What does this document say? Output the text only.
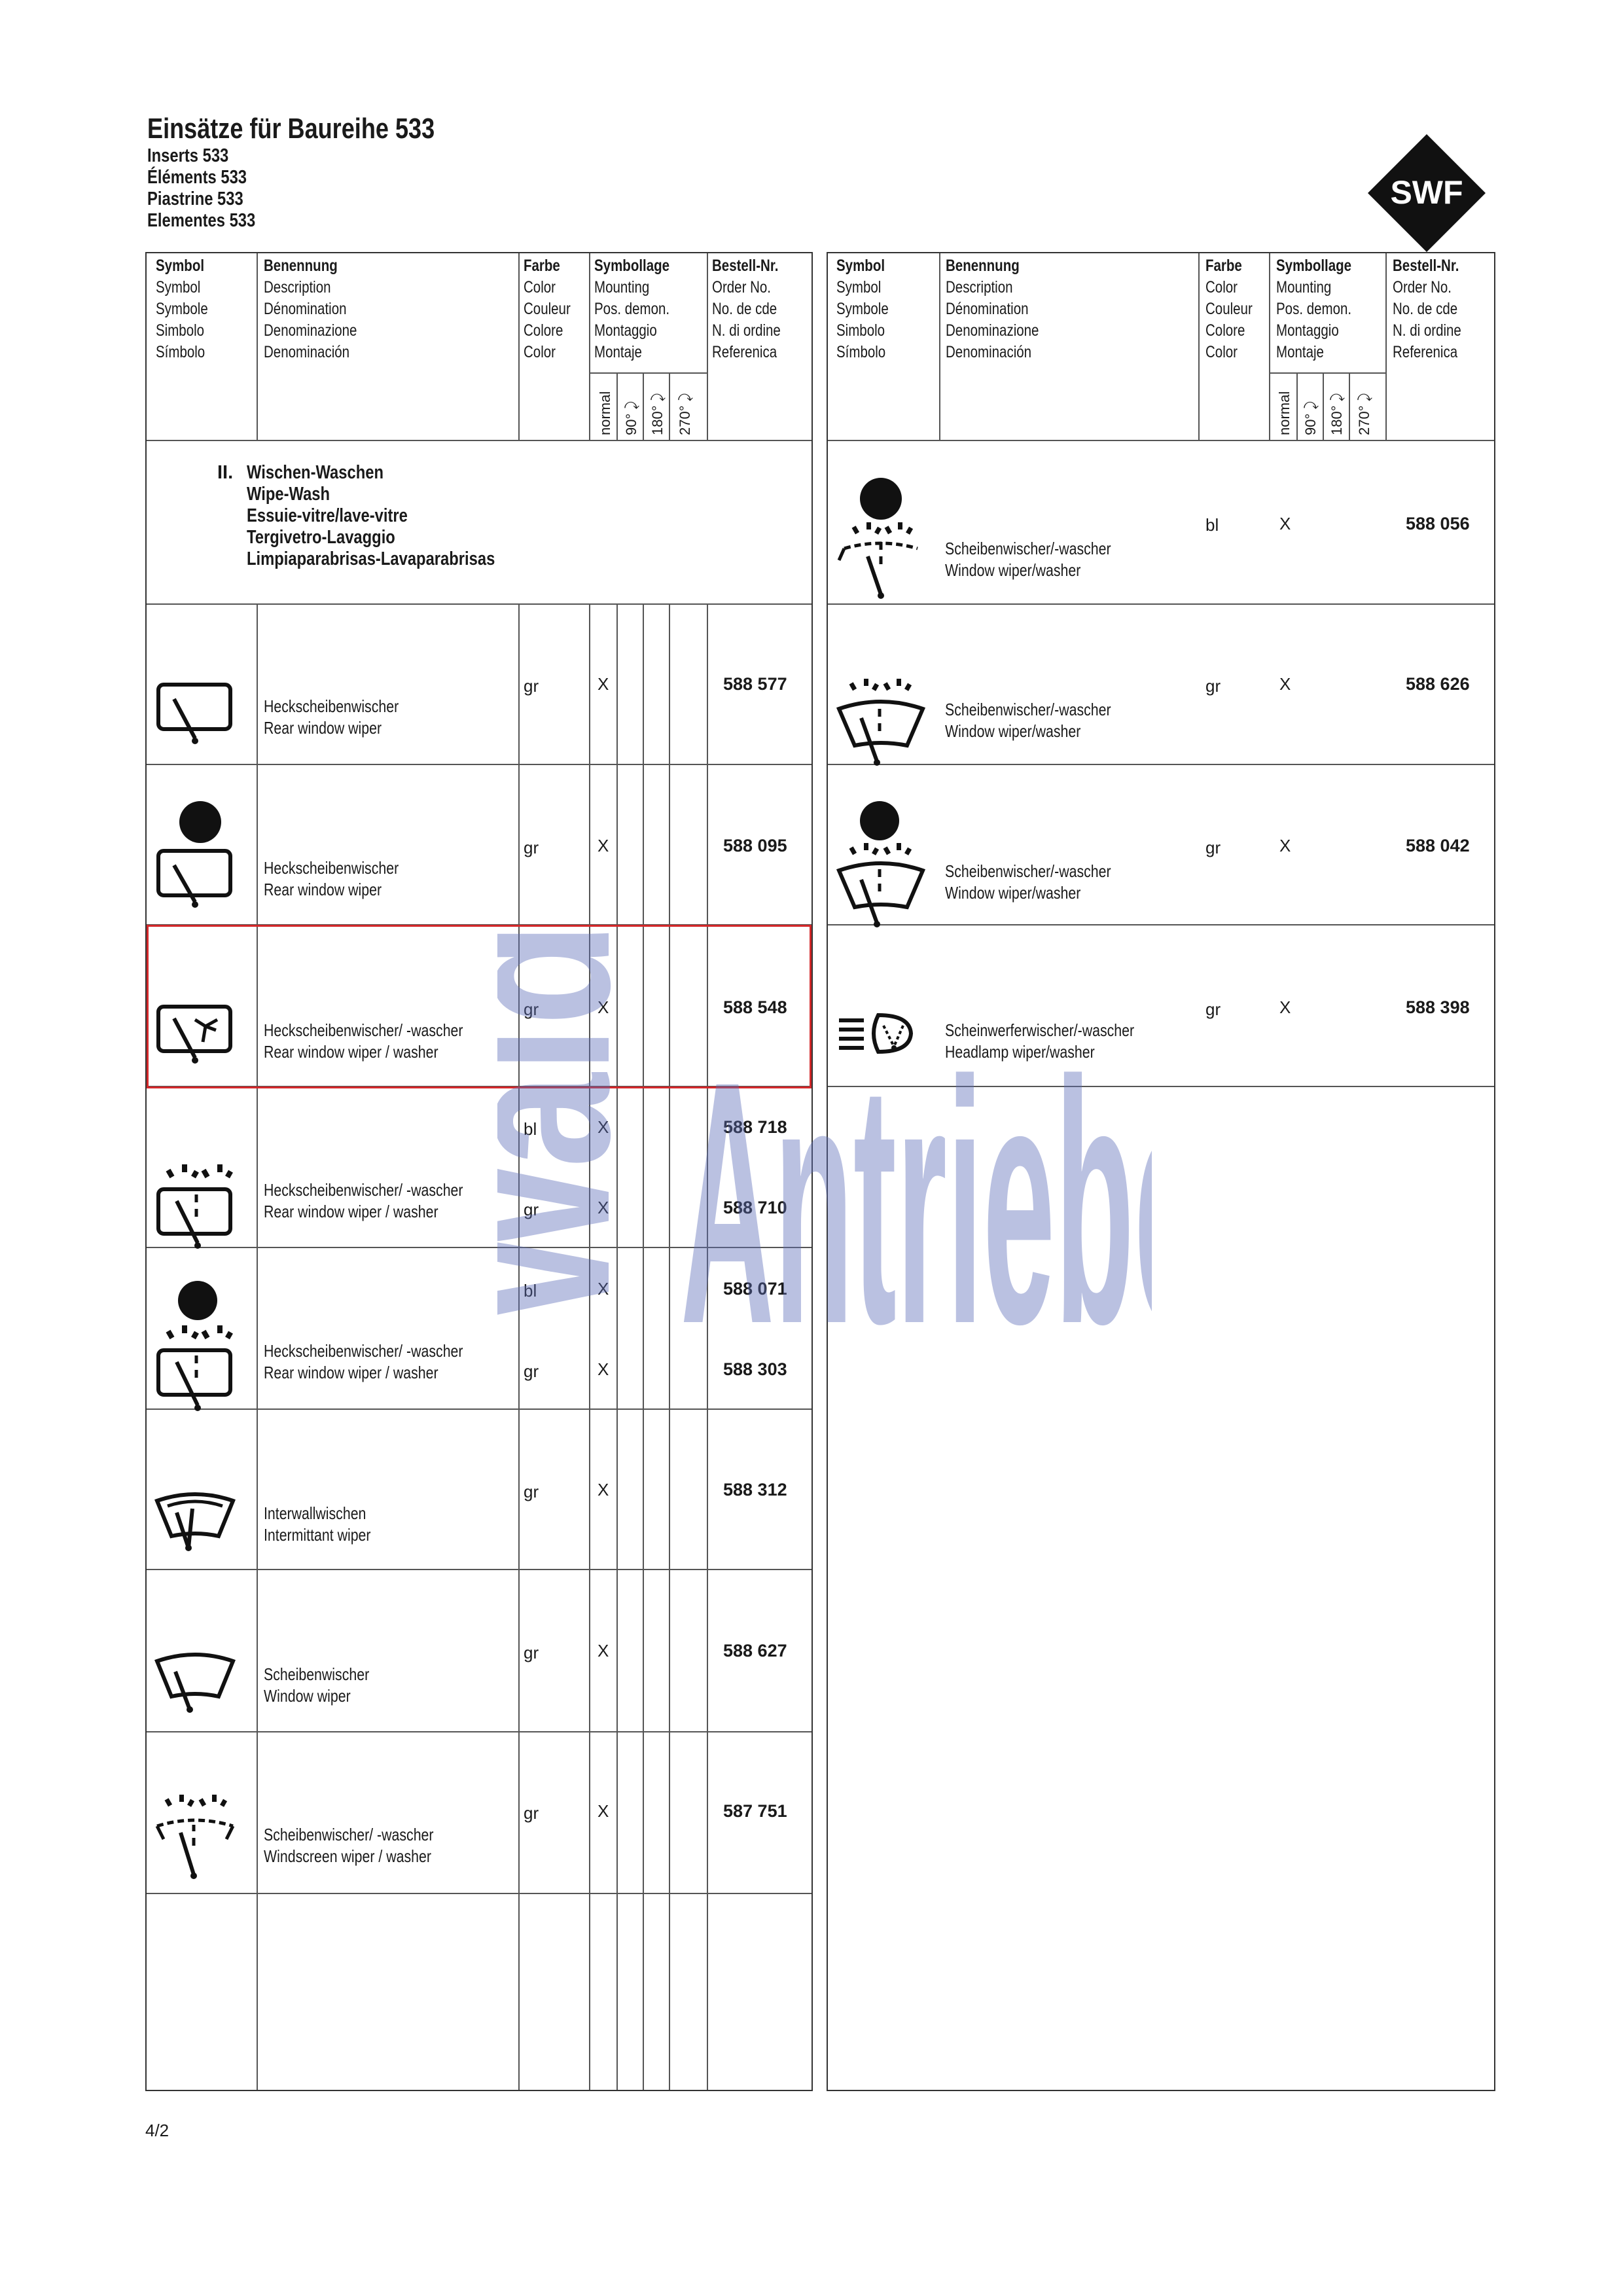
Einsätze für Baureihe 533
Inserts 533
Éléments 533
Piastrine 533
Elementes 533
SWF
Symbol
Symbol
Symbole
Simbolo
Símbolo
Benennung
Description
Dénomination
Denominazione
Denominación
Farbe
Color
Couleur
Colore
Color
Symbollage
Mounting
Pos. demon.
Montaggio
Montaje
Bestell-Nr.
Order No.
No. de cde
N. di ordine
Referenica
normal 90° ⤸ 180° ⤸ 270° ⤸
II. Wischen-Waschen
Wipe-Wash
Essuie-vitre/lave-vitre
Tergivetro-Lavaggio
Limpiaparabrisas-Lavaparabrisas
Symbol
Symbol
Symbole
Simbolo
Símbolo
Benennung
Description
Dénomination
Denominazione
Denominación
Farbe
Color
Couleur
Colore
Color
Symbollage
Mounting
Pos. demon.
Montaggio
Montaje
Bestell-Nr.
Order No.
No. de cde
N. di ordine
Referenica
normal 90° ⤸ 180° ⤸ 270° ⤸
Heckscheibenwischer
Rear window wiper
gr	X	588 577
Heckscheibenwischer
Rear window wiper
gr	X	588 095
Heckscheibenwischer/ -wascher
Rear window wiper / washer
gr	X	588 548
Heckscheibenwischer/ -wascher
Rear window wiper / washer
bl	X	588 718
gr	X	588 710
Heckscheibenwischer/ -wascher
Rear window wiper / washer
bl	X	588 071
gr	X	588 303
Interwallwischen
Intermittant wiper
gr	X	588 312
Scheibenwischer
Window wiper
gr	X	588 627
Scheibenwischer/ -wascher
Windscreen wiper / washer
gr	X	587 751
Scheibenwischer/-wascher
Window wiper/washer
bl	X	588 056
Scheibenwischer/-wascher
Window wiper/washer
gr	X	588 626
Scheibenwischer/-wascher
Window wiper/washer
gr	X	588 042
Scheinwerferwischer/-wascher
Headlamp wiper/washer
gr	X	588 398
Wald Antrieb
4/2
